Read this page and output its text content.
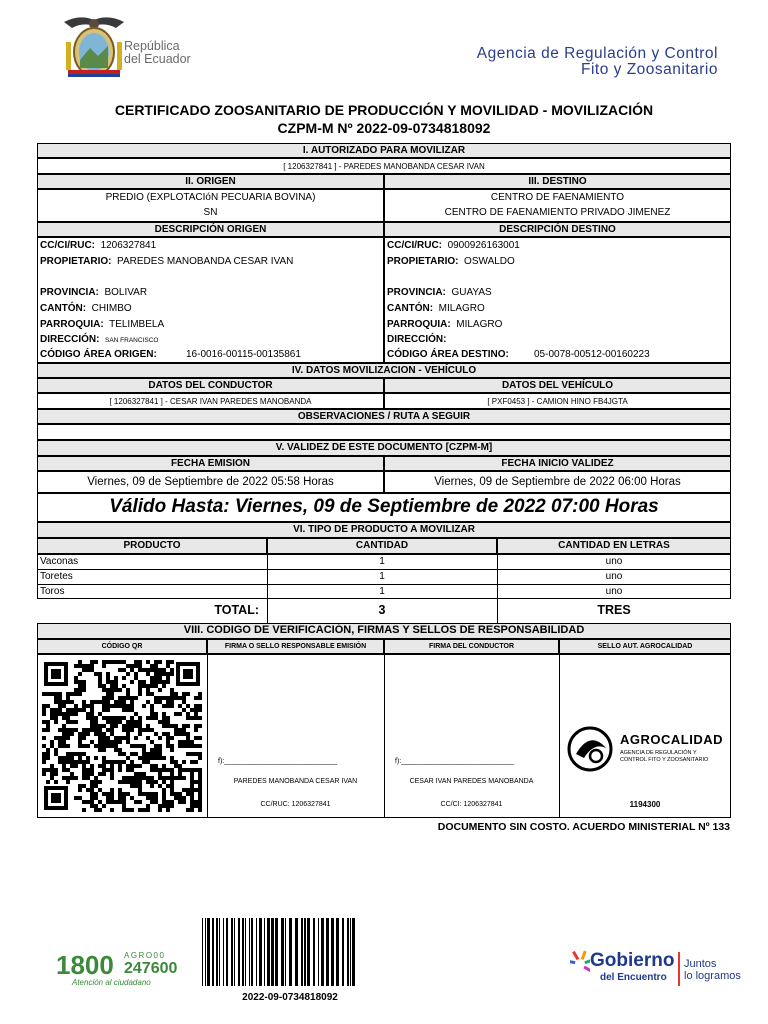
República
del Ecuador	Agencia de Regulación y Control
Fito y Zoosanitario
CERTIFICADO ZOOSANITARIO DE PRODUCCIÓN Y MOVILIDAD - MOVILIZACIÓN
CZPM-M Nº 2022-09-0734818092
I. AUTORIZADO PARA MOVILIZAR
[ 1206327841 ] - PAREDES MANOBANDA CESAR IVAN
II. ORIGEN	III. DESTINO
PREDIO (EXPLOTACIóN PECUARIA BOVINA)
SN
CENTRO DE FAENAMIENTO
CENTRO DE FAENAMIENTO PRIVADO JIMENEZ
DESCRIPCIÓN ORIGEN	DESCRIPCIÓN DESTINO
CC/CI/RUC: 1206327841
PROPIETARIO: PAREDES MANOBANDA CESAR IVAN
PROVINCIA: BOLIVAR
CANTÓN: CHIMBO
PARROQUIA: TELIMBELA
DIRECCIÓN: SAN FRANCISCO
CÓDIGO ÁREA ORIGEN:	16-0016-00115-00135861
CC/CI/RUC: 0900926163001
PROPIETARIO: OSWALDO
PROVINCIA: GUAYAS
CANTÓN: MILAGRO
PARROQUIA: MILAGRO
DIRECCIÓN:
CÓDIGO ÁREA DESTINO:	05-0078-00512-00160223
IV. DATOS MOVILIZACION - VEHÍCULO
DATOS DEL CONDUCTOR	DATOS DEL VEHÍCULO
[ 1206327841 ] - CESAR IVAN PAREDES MANOBANDA	[ PXF0453 ] - CAMION HINO FB4JGTA
OBSERVACIONES / RUTA A SEGUIR
V. VALIDEZ DE ESTE DOCUMENTO [CZPM-M]
FECHA EMISION	FECHA INICIO VALIDEZ
Viernes, 09 de Septiembre de 2022 05:58 Horas	Viernes, 09 de Septiembre de 2022 06:00 Horas
Válido Hasta: Viernes, 09 de Septiembre de 2022 07:00 Horas
VI. TIPO DE PRODUCTO A MOVILIZAR
PRODUCTO	CANTIDAD	CANTIDAD EN LETRAS
Vaconas	1	uno
Toretes	1	uno
Toros	1	uno
TOTAL:	3	TRES
VIII. CODIGO DE VERIFICACIÓN, FIRMAS Y SELLOS DE RESPONSABILIDAD
CÓDIGO QR	FIRMA O SELLO RESPONSABLE EMISIÓN	FIRMA DEL CONDUCTOR	SELLO AUT. AGROCALIDAD
f):_____________________________
PAREDES MANOBANDA CESAR IVAN
CC/RUC: 1206327841
f):_____________________________
CESAR IVAN PAREDES MANOBANDA
CC/CI: 1206327841
AGROCALIDAD
AGENCIA DE REGULACIÓN Y
CONTROL FITO Y ZOOSANITARIO
1194300
DOCUMENTO SIN COSTO. ACUERDO MINISTERIAL Nº 133
1800 AGRO00
247600
Atención al ciudadano
2022-09-0734818092
Gobierno
del Encuentro
Juntos
lo logramos
